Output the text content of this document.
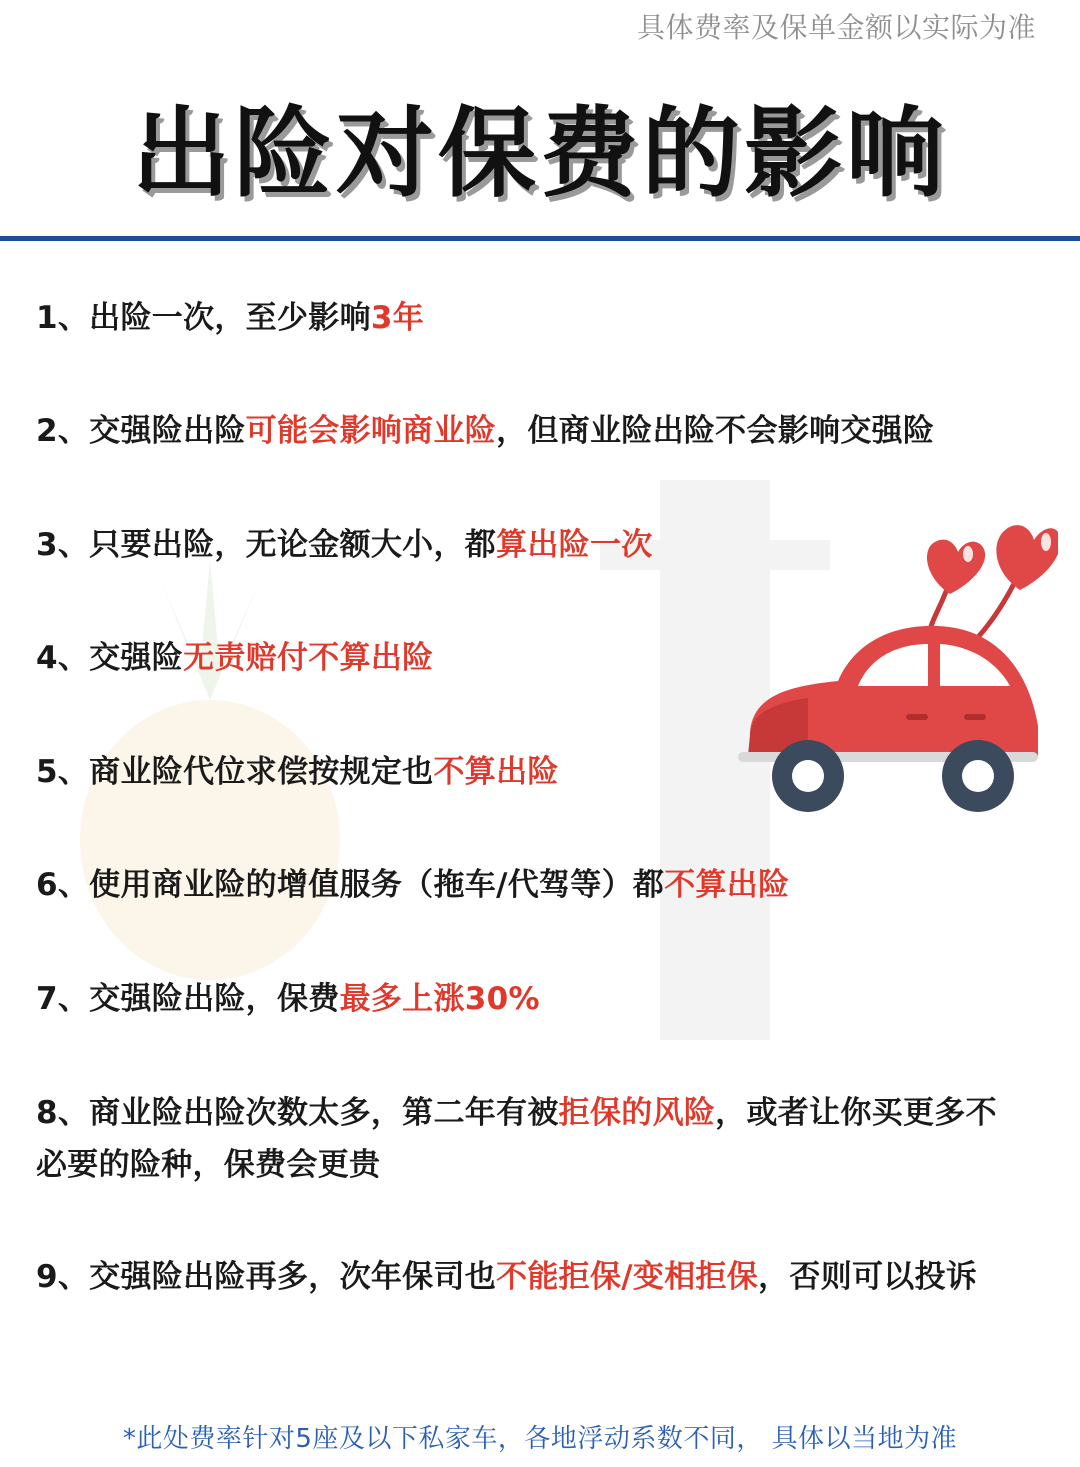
具体费率及保单金额以实际为准
出险对保费的影响
1、出险一次，至少影响3年
2、交强险出险可能会影响商业险，但商业险出险不会影响交强险
3、只要出险，无论金额大小，都算出险一次
4、交强险无责赔付不算出险
5、商业险代位求偿按规定也不算出险
6、使用商业险的增值服务（拖车/代驾等）都不算出险
7、交强险出险，保费最多上涨30%
8、商业险出险次数太多，第二年有被拒保的风险，或者让你买更多不必要的险种，保费会更贵
9、交强险出险再多，次年保司也不能拒保/变相拒保，否则可以投诉
*此处费率针对5座及以下私家车，各地浮动系数不同， 具体以当地为准
